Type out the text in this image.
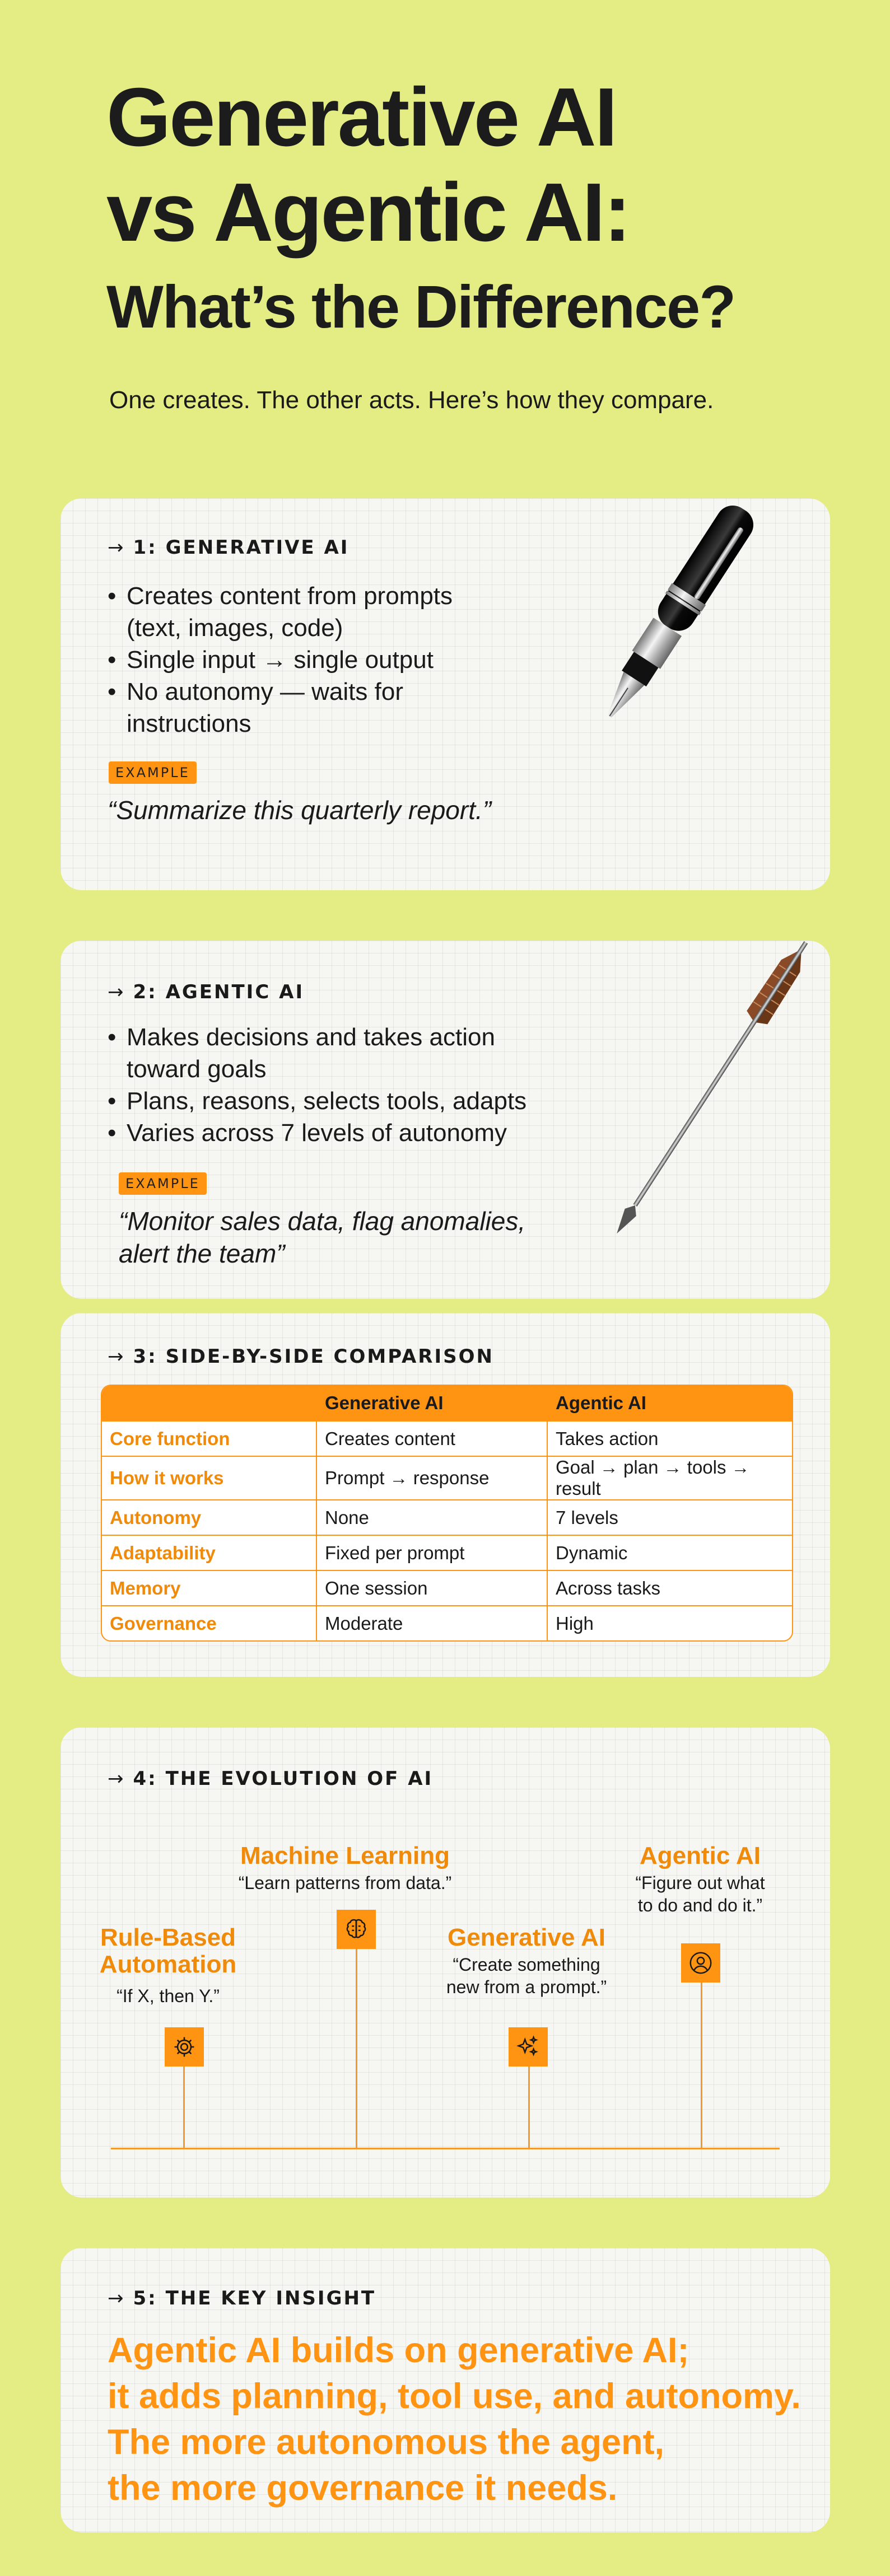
Generative AI
vs Agentic AI:
What’s the Difference?
One creates. The other acts. Here’s how they compare.
→ 1: GENERATIVE AI
• Creates content from prompts
(text, images, code)
• Single input → single output
• No autonomy — waits for
instructions
EXAMPLE
“Summarize this quarterly report.”
→ 2: AGENTIC AI
• Makes decisions and takes action
toward goals
• Plans, reasons, selects tools, adapts
• Varies across 7 levels of autonomy
EXAMPLE
“Monitor sales data, flag anomalies,
alert the team”
→ 3: SIDE-BY-SIDE COMPARISON
	Generative AI	Agentic AI
Core function	Creates content	Takes action
How it works	Prompt → response	Goal → plan → tools → result
Autonomy	None	7 levels
Adaptability	Fixed per prompt	Dynamic
Memory	One session	Across tasks
Governance	Moderate	High
→ 4: THE EVOLUTION OF AI
Rule-Based
Automation
“If X, then Y.”
Machine Learning
“Learn patterns from data.”
Generative AI
“Create something
new from a prompt.”
Agentic AI
“Figure out what
to do and do it.”
→ 5: THE KEY INSIGHT
Agentic AI builds on generative AI;
it adds planning, tool use, and autonomy.
The more autonomous the agent,
the more governance it needs.
